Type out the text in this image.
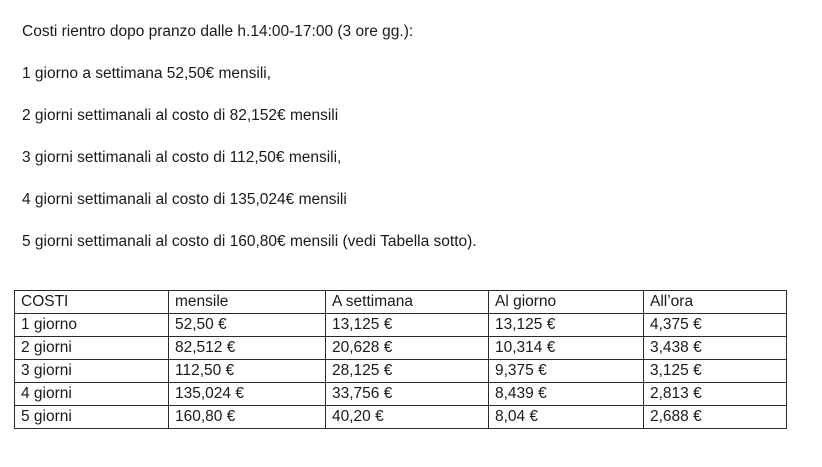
Costi rientro dopo pranzo dalle h.14:00-17:00 (3 ore gg.):

1 giorno a settimana 52,50€ mensili,

2 giorni settimanali al costo di 82,152€ mensili

3 giorni settimanali al costo di 112,50€ mensili,

4 giorni settimanali al costo di 135,024€ mensili

5 giorni settimanali al costo di 160,80€ mensili (vedi Tabella sotto).

COSTI	mensile	A settimana	Al giorno	All’ora
1 giorno	52,50 €	13,125 €	13,125 €	4,375 €
2 giorni	82,512 €	20,628 €	10,314 €	3,438 €
3 giorni	112,50 €	28,125 €	9,375 €	3,125 €
4 giorni	135,024 €	33,756 €	8,439 €	2,813 €
5 giorni	160,80 €	40,20 €	8,04 €	2,688 €
